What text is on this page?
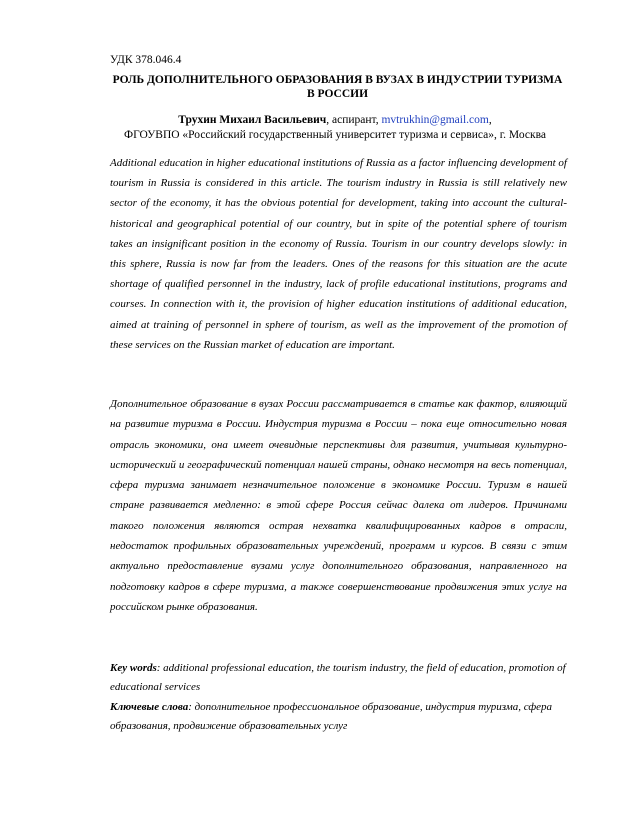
УДК 378.046.4
РОЛЬ ДОПОЛНИТЕЛЬНОГО ОБРАЗОВАНИЯ В ВУЗАХ В ИНДУСТРИИ ТУРИЗМА В РОССИИ
Трухин Михаил Васильевич, аспирант, mvtrukhin@gmail.com,
ФГОУВПО «Российский государственный университет туризма и сервиса», г. Москва

Additional education in higher educational institutions of Russia as a factor influencing development of tourism in Russia is considered in this article. The tourism industry in Russia is still relatively new sector of the economy, it has the obvious potential for development, taking into account the cultural-historical and geographical potential of our country, but in spite of the potential sphere of tourism takes an insignificant position in the economy of Russia. Tourism in our country develops slowly: in this sphere, Russia is now far from the leaders. Ones of the reasons for this situation are the acute shortage of qualified personnel in the industry, lack of profile educational institutions, programs and courses. In connection with it, the provision of higher education institutions of additional education, aimed at training of personnel in sphere of tourism, as well as the improvement of the promotion of these services on the Russian market of education are important.

Дополнительное образование в вузах России рассматривается в статье как фактор, влияющий на развитие туризма в России. Индустрия туризма в России – пока еще относительно новая отрасль экономики, она имеет очевидные перспективы для развития, учитывая культурно-исторический и географический потенциал нашей страны, однако несмотря на весь потенциал, сфера туризма занимает незначительное положение в экономике России. Туризм в нашей стране развивается медленно: в этой сфере Россия сейчас далека от лидеров. Причинами такого положения являются острая нехватка квалифицированных кадров в отрасли, недостаток профильных образовательных учреждений, программ и курсов. В связи с этим актуально предоставление вузами услуг дополнительного образования, направленного на подготовку кадров в сфере туризма, а также совершенствование продвижения этих услуг на российском рынке образования.

Key words: additional professional education, the tourism industry, the field of education, promotion of educational services

Ключевые слова: дополнительное профессиональное образование, индустрия туризма, сфера образования, продвижение образовательных услуг
